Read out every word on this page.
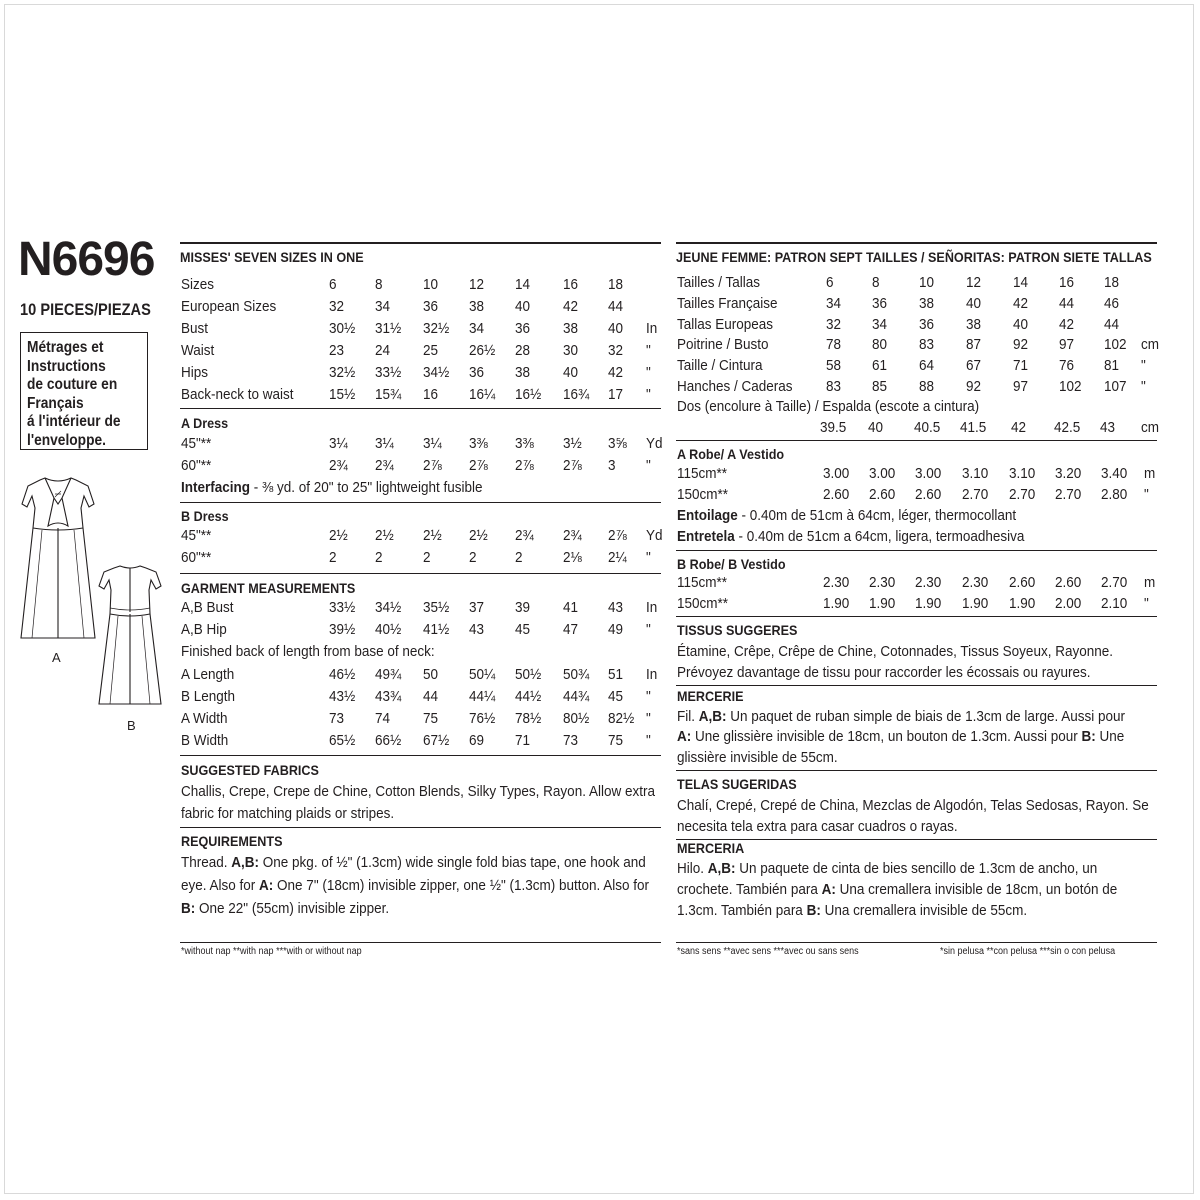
N6696
10 PIECES/PIEZAS
Métrages et
Instructions
de couture en
Français
á l'intérieur de
l'enveloppe.
A
B
MISSES' SEVEN SIZES IN ONE
Sizes	6	8	10 12 14 16 18
European Sizes	32 34 36 38 40 42 44
Bust	30½ 31½ 32½ 34 36 38 40 In
Waist	23 24 25 26½ 28 30 32 "
Hips	32½ 33½ 34½ 36 38 40 42 "
Back-neck to waist 15½ 15¾ 16 16¼ 16½ 16¾ 17 "
A Dress
45"**	3¼ 3¼ 3¼ 3⅜ 3⅜ 3½ 3⅝ Yd
60"**	2¾ 2¾ 2⅞ 2⅞ 2⅞ 2⅞ 3 "
Interfacing - ⅜ yd. of 20" to 25" lightweight fusible
B Dress
45"**	2½ 2½ 2½ 2½ 2¾ 2¾ 2⅞ Yd
60"**	2	2	2	2	2	2⅛ 2¼ "
GARMENT MEASUREMENTS
A,B Bust	33½ 34½ 35½ 37 39 41 43 In
A,B Hip	39½ 40½ 41½ 43 45 47 49 "
Finished back of length from base of neck:
A Length	46½ 49¾ 50 50¼ 50½ 50¾ 51 In
B Length	43½ 43¾ 44 44¼ 44½ 44¾ 45 "
A Width	73 74 75 76½ 78½ 80½ 82½ "
B Width	65½ 66½ 67½ 69 71 73 75 "
SUGGESTED FABRICS
Challis, Crepe, Crepe de Chine, Cotton Blends, Silky Types, Rayon. Allow extra
fabric for matching plaids or stripes.
REQUIREMENTS
Thread. A,B: One pkg. of ½" (1.3cm) wide single fold bias tape, one hook and
eye. Also for A: One 7" (18cm) invisible zipper, one ½" (1.3cm) button. Also for
B: One 22" (55cm) invisible zipper.
*without nap **with nap ***with or without nap
JEUNE FEMME: PATRON SEPT TAILLES / SEÑORITAS: PATRON SIETE TALLAS
Tailles / Tallas	6	8	10 12 14 16 18
Tailles Française	34 36 38 40 42 44 46
Tallas Europeas	32 34 36 38 40 42 44
Poitrine / Busto	78 80 83 87 92 97 102 cm
Taille / Cintura	58 61 64 67 71 76 81 "
Hanches / Caderas 83 85 88 92 97 102 107 "
Dos (encolure à Taille) / Espalda (escote a cintura)
39.5 40 40.5 41.5 42 42.5 43 cm
A Robe/ A Vestido
115cm**	3.00 3.00 3.00 3.10 3.10 3.20 3.40 m
150cm**	2.60 2.60 2.60 2.70 2.70 2.70 2.80 "
Entoilage - 0.40m de 51cm à 64cm, léger, thermocollant
Entretela - 0.40m de 51cm a 64cm, ligera, termoadhesiva
B Robe/ B Vestido
115cm**	2.30 2.30 2.30 2.30 2.60 2.60 2.70 m
150cm**	1.90 1.90 1.90 1.90 1.90 2.00 2.10 "
TISSUS SUGGERES
Étamine, Crêpe, Crêpe de Chine, Cotonnades, Tissus Soyeux, Rayonne.
Prévoyez davantage de tissu pour raccorder les écossais ou rayures.
MERCERIE
Fil. A,B: Un paquet de ruban simple de biais de 1.3cm de large. Aussi pour
A: Une glissière invisible de 18cm, un bouton de 1.3cm. Aussi pour B: Une
glissière invisible de 55cm.
TELAS SUGERIDAS
Chalí, Crepé, Crepé de China, Mezclas de Algodón, Telas Sedosas, Rayon. Se
necesita tela extra para casar cuadros o rayas.
MERCERIA
Hilo. A,B: Un paquete de cinta de bies sencillo de 1.3cm de ancho, un
crochete. También para A: Una cremallera invisible de 18cm, un botón de
1.3cm. También para B: Una cremallera invisible de 55cm.
*sans sens **avec sens ***avec ou sans sens	*sin pelusa **con pelusa ***sin o con pelusa
